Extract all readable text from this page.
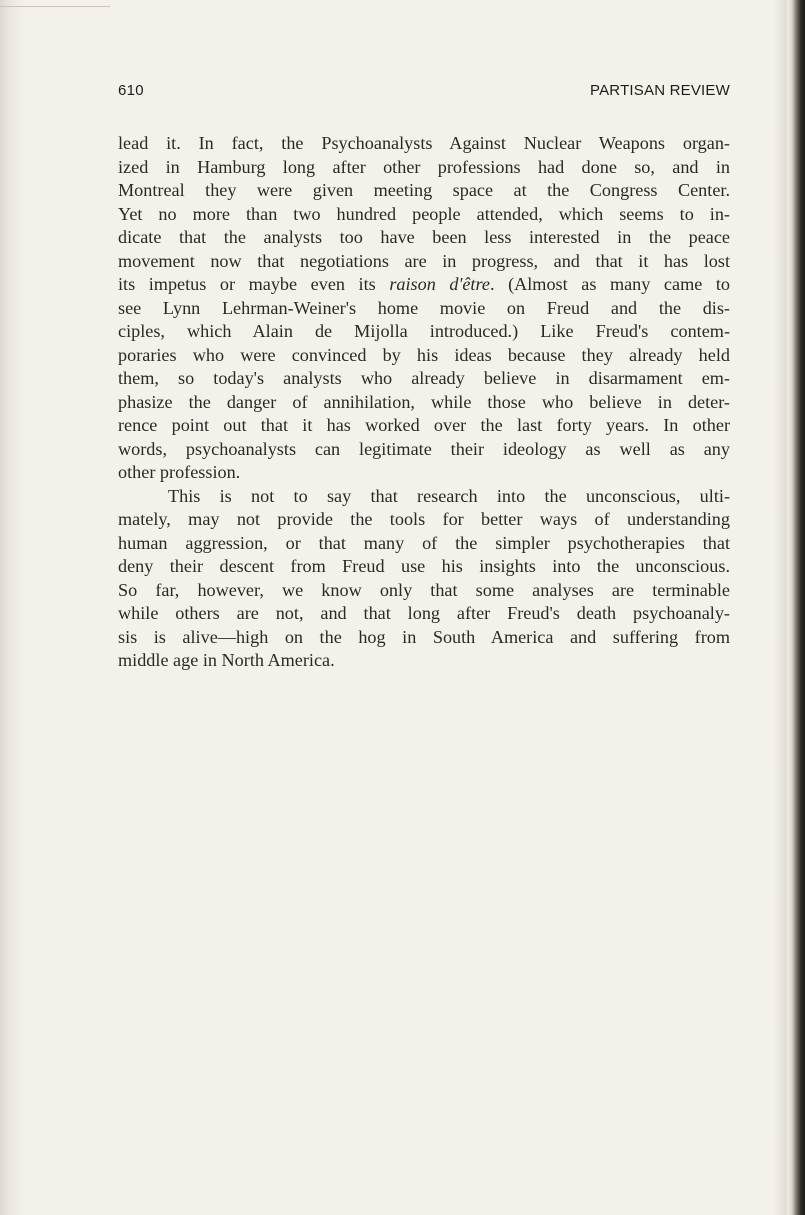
610	PARTISAN REVIEW
lead it. In fact, the Psychoanalysts Against Nuclear Weapons organ-
ized in Hamburg long after other professions had done so, and in
Montreal they were given meeting space at the Congress Center.
Yet no more than two hundred people attended, which seems to in-
dicate that the analysts too have been less interested in the peace
movement now that negotiations are in progress, and that it has lost
its impetus or maybe even its raison d'être. (Almost as many came to
see Lynn Lehrman-Weiner's home movie on Freud and the dis-
ciples, which Alain de Mijolla introduced.) Like Freud's contem-
poraries who were convinced by his ideas because they already held
them, so today's analysts who already believe in disarmament em-
phasize the danger of annihilation, while those who believe in deter-
rence point out that it has worked over the last forty years. In other
words, psychoanalysts can legitimate their ideology as well as any
other profession.
This is not to say that research into the unconscious, ulti-
mately, may not provide the tools for better ways of understanding
human aggression, or that many of the simpler psychotherapies that
deny their descent from Freud use his insights into the unconscious.
So far, however, we know only that some analyses are terminable
while others are not, and that long after Freud's death psychoanaly-
sis is alive—high on the hog in South America and suffering from
middle age in North America.
